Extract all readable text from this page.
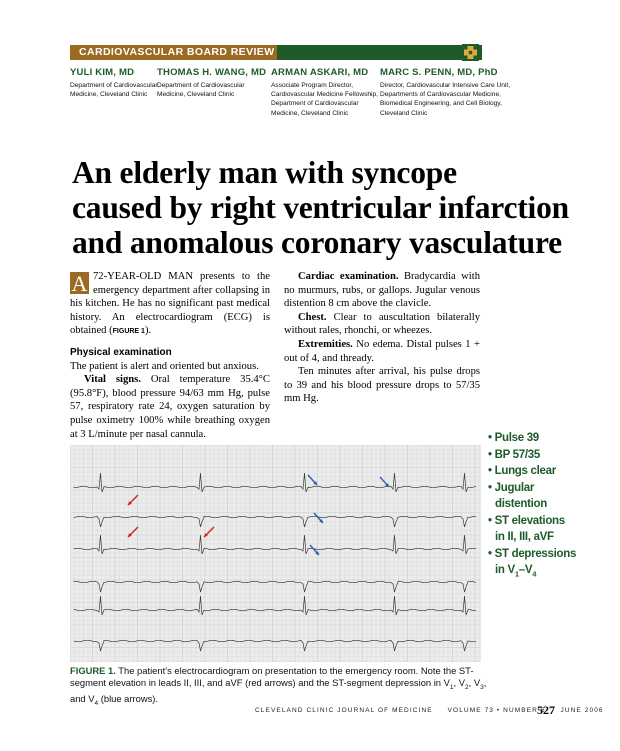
CARDIOVASCULAR BOARD REVIEW
YULI KIM, MD
Department of Cardiovascular
Medicine, Cleveland Clinic
THOMAS H. WANG, MD
Department of Cardiovascular
Medicine, Cleveland Clinic
ARMAN ASKARI, MD
Associate Program Director,
Cardiovascular Medicine Fellowship,
Department of Cardiovascular
Medicine, Cleveland Clinic
MARC S. PENN, MD, PhD
Director, Cardiovascular Intensive Care Unit,
Departments of Cardiovascular Medicine,
Biomedical Engineering, and Cell Biology,
Cleveland Clinic
An elderly man with syncope
caused by right ventricular infarction
and anomalous coronary vasculature

A 72-YEAR-OLD MAN presents to the emergency department after collapsing in his kitchen. He has no significant past medical history. An electrocardiogram (ECG) is obtained (FIGURE 1).

Physical examination

The patient is alert and oriented but anxious.

Vital signs. Oral temperature 35.4°C (95.8°F), blood pressure 94/63 mm Hg, pulse 57, respiratory rate 24, oxygen saturation by pulse oximetry 100% while breathing oxygen at 3 L/minute per nasal cannula.

Cardiac examination. Bradycardia with no murmurs, rubs, or gallops. Jugular venous distention 8 cm above the clavicle.

Chest. Clear to auscultation bilaterally without rales, rhonchi, or wheezes.

Extremities. No edema. Distal pulses 1 + out of 4, and thready.

Ten minutes after arrival, his pulse drops to 39 and his blood pressure drops to 57/35 mm Hg.

• Pulse 39
• BP 57/35
• Lungs clear
• Jugular
distention
• ST elevations
in II, III, aVF
• ST depressions
in $V_1-V_4$
FIGURE 1. The patient’s electrocardiogram on presentation to the emergency room. Note the ST-segment elevation in leads II, III, and aVF (red arrows) and the ST-segment depression in $V_1$, $V_2$, $V_3$, and $V_4$ (blue arrows).
CLEVELAND CLINIC JOURNAL OF MEDICINE VOLUME 73 • NUMBER 6 JUNE 2006
527
